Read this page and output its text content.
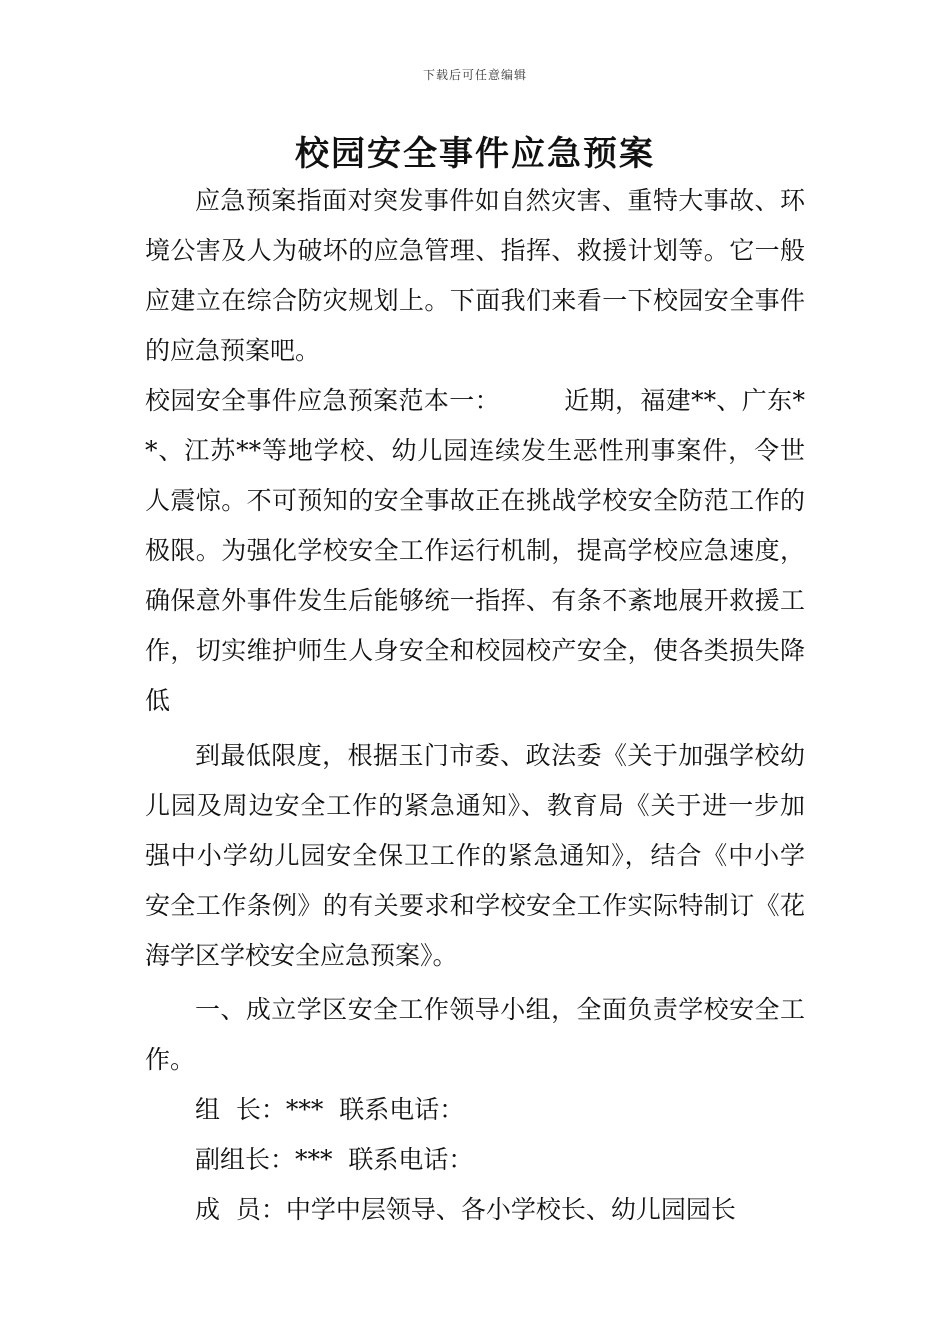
下载后可任意编辑
校园安全事件应急预案

应急预案指面对突发事件如自然灾害、重特大事故、环境公害及人为破坏的应急管理、指挥、救援计划等。它一般应建立在综合防灾规划上。下面我们来看一下校园安全事件的应急预案吧。

校园安全事件应急预案范本一：	近期，福建**、广东**、江苏**等地学校、幼儿园连续发生恶性刑事案件，令世人震惊。不可预知的安全事故正在挑战学校安全防范工作的极限。为强化学校安全工作运行机制，提高学校应急速度，确保意外事件发生后能够统一指挥、有条不紊地展开救援工作，切实维护师生人身安全和校园校产安全，使各类损失降低

到最低限度，根据玉门市委、政法委《关于加强学校幼儿园及周边安全工作的紧急通知》、教育局《关于进一步加强中小学幼儿园安全保卫工作的紧急通知》，结合《中小学安全工作条例》的有关要求和学校安全工作实际特制订《花海学区学校安全应急预案》。

一、成立学区安全工作领导小组，全面负责学校安全工作。

组  长：***  联系电话：

副组长：***  联系电话：

成  员：中学中层领导、各小学校长、幼儿园园长
